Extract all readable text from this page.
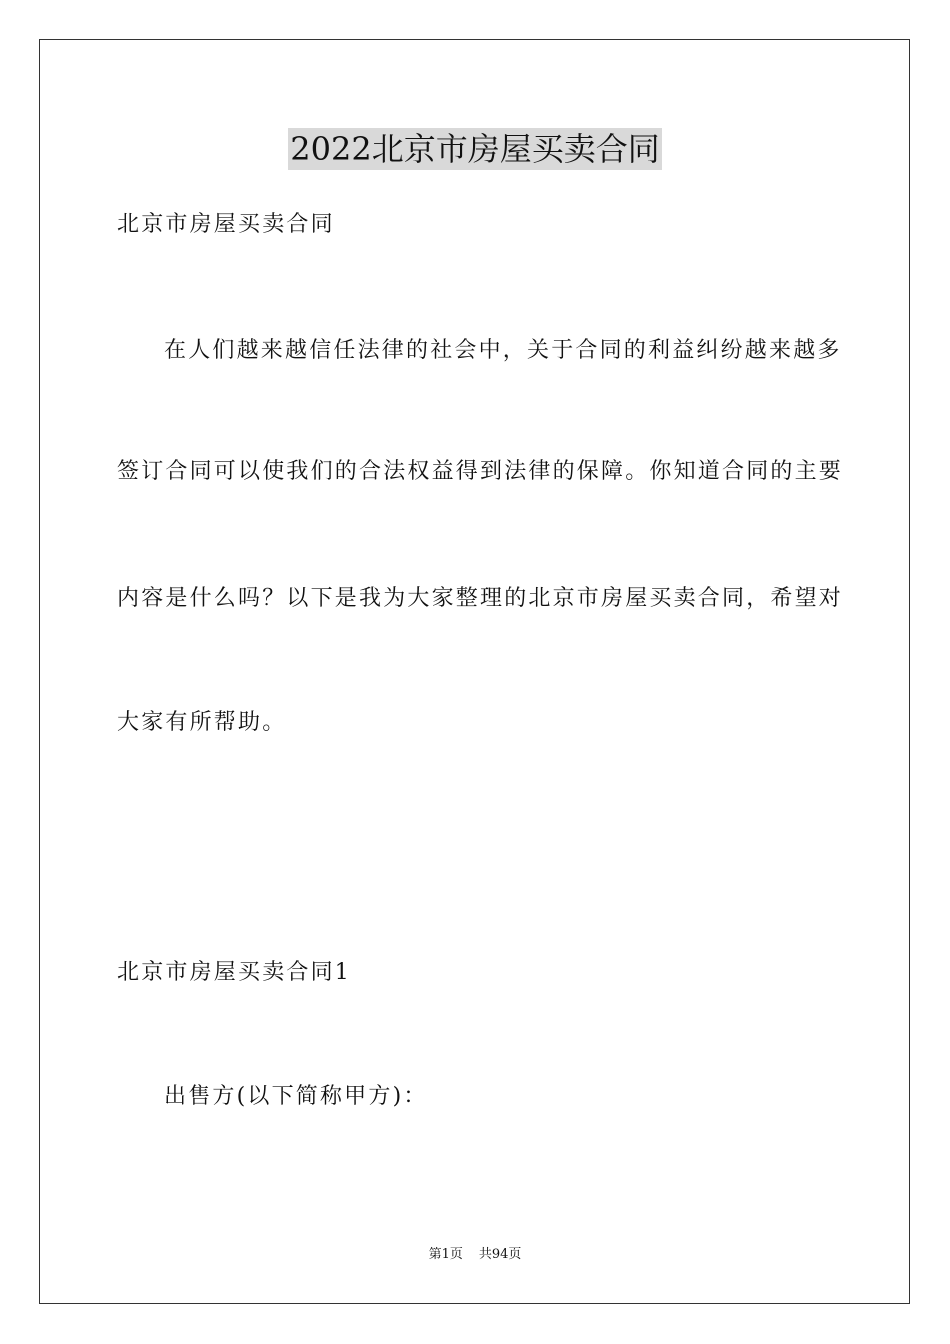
2022北京市房屋买卖合同
北京市房屋买卖合同
在人们越来越信任法律的社会中，关于合同的利益纠纷越来越多
签订合同可以使我们的合法权益得到法律的保障。你知道合同的主要
内容是什么吗？以下是我为大家整理的北京市房屋买卖合同，希望对
大家有所帮助。
北京市房屋买卖合同1
出售方(以下简称甲方)：
第1页 共94页
